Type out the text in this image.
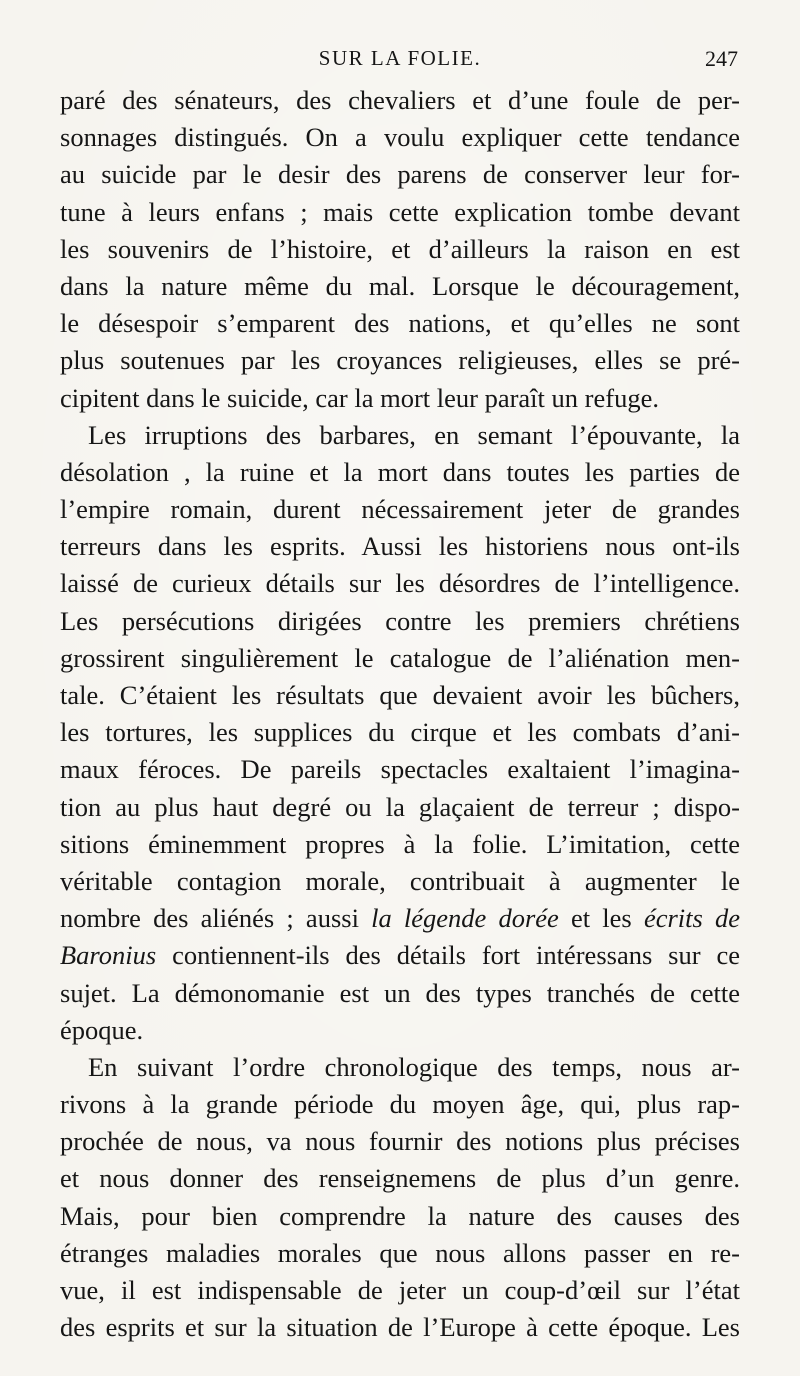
SUR LA FOLIE.	247
paré des sénateurs, des chevaliers et d’une foule de per-
sonnages distingués. On a voulu expliquer cette tendance
au suicide par le desir des parens de conserver leur for-
tune à leurs enfans ; mais cette explication tombe devant
les souvenirs de l’histoire, et d’ailleurs la raison en est
dans la nature même du mal. Lorsque le découragement,
le désespoir s’emparent des nations, et qu’elles ne sont
plus soutenues par les croyances religieuses, elles se pré-
cipitent dans le suicide, car la mort leur paraît un refuge.
Les irruptions des barbares, en semant l’épouvante, la
désolation , la ruine et la mort dans toutes les parties de
l’empire romain, durent nécessairement jeter de grandes
terreurs dans les esprits. Aussi les historiens nous ont-ils
laissé de curieux détails sur les désordres de l’intelligence.
Les persécutions dirigées contre les premiers chrétiens
grossirent singulièrement le catalogue de l’aliénation men-
tale. C’étaient les résultats que devaient avoir les bûchers,
les tortures, les supplices du cirque et les combats d’ani-
maux féroces. De pareils spectacles exaltaient l’imagina-
tion au plus haut degré ou la glaçaient de terreur ; dispo-
sitions éminemment propres à la folie. L’imitation, cette
véritable contagion morale, contribuait à augmenter le
nombre des aliénés ; aussi la légende dorée et les écrits de
Baronius contiennent-ils des détails fort intéressans sur ce
sujet. La démonomanie est un des types tranchés de cette
époque.
En suivant l’ordre chronologique des temps, nous ar-
rivons à la grande période du moyen âge, qui, plus rap-
prochée de nous, va nous fournir des notions plus précises
et nous donner des renseignemens de plus d’un genre.
Mais, pour bien comprendre la nature des causes des
étranges maladies morales que nous allons passer en re-
vue, il est indispensable de jeter un coup-d’œil sur l’état
des esprits et sur la situation de l’Europe à cette époque. Les
